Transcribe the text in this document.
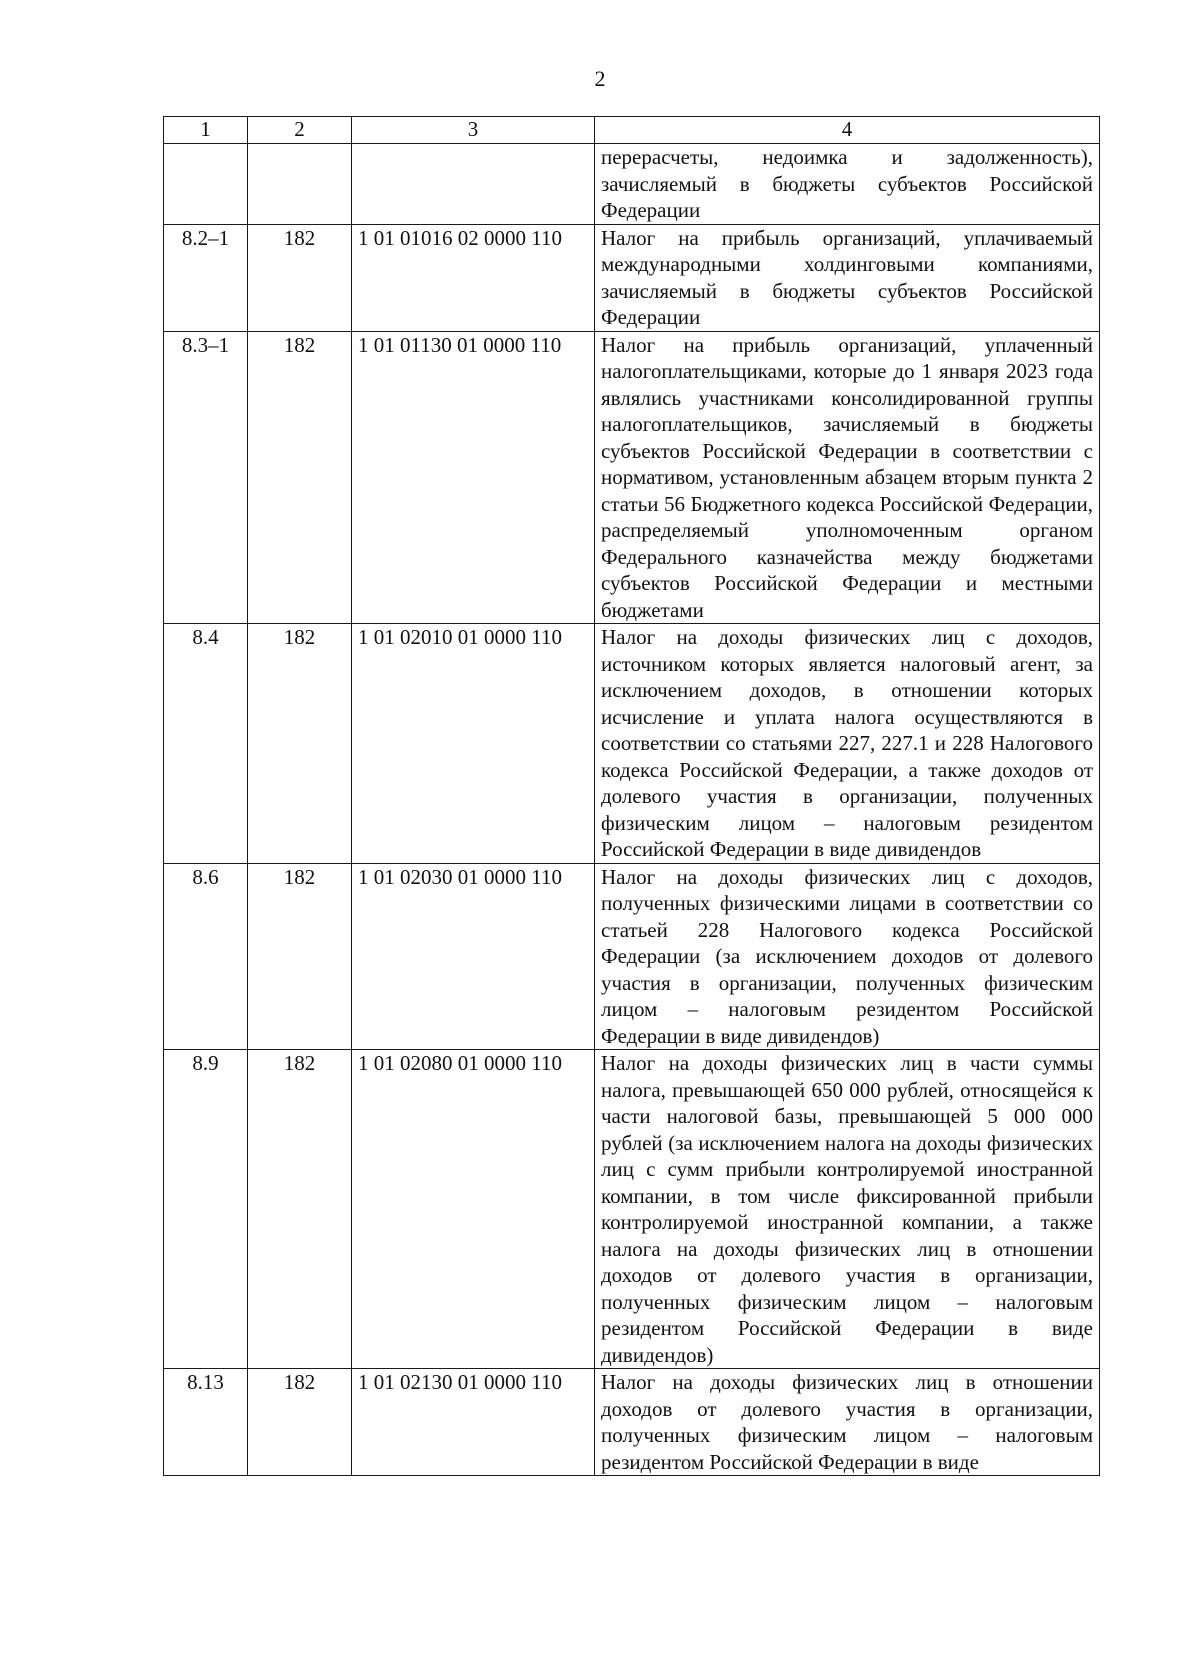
2
1	2	3	4
			перерасчеты, недоимка и задолженность), зачисляемый в бюджеты субъектов Российской Федерации
8.2–1	182	1 01 01016 02 0000 110	Налог на прибыль организаций, уплачиваемый международными холдинговыми компаниями, зачисляемый в бюджеты субъектов Российской Федерации
8.3–1	182	1 01 01130 01 0000 110	Налог на прибыль организаций, уплаченный налогоплательщиками, которые до 1 января 2023 года являлись участниками консолидированной группы налогоплательщиков, зачисляемый в бюджеты субъектов Российской Федерации в соответствии с нормативом, установленным абзацем вторым пункта 2 статьи 56 Бюджетного кодекса Российской Федерации, распределяемый уполномоченным органом Федерального казначейства между бюджетами субъектов Российской Федерации и местными бюджетами
8.4	182	1 01 02010 01 0000 110	Налог на доходы физических лиц с доходов, источником которых является налоговый агент, за исключением доходов, в отношении которых исчисление и уплата налога осуществляются в соответствии со статьями 227, 227.1 и 228 Налогового кодекса Российской Федерации, а также доходов от долевого участия в организации, полученных физическим лицом – налоговым резидентом Российской Федерации в виде дивидендов
8.6	182	1 01 02030 01 0000 110	Налог на доходы физических лиц с доходов, полученных физическими лицами в соответствии со статьей 228 Налогового кодекса Российской Федерации (за исключением доходов от долевого участия в организации, полученных физическим лицом – налоговым резидентом Российской Федерации в виде дивидендов)
8.9	182	1 01 02080 01 0000 110	Налог на доходы физических лиц в части суммы налога, превышающей 650 000 рублей, относящейся к части налоговой базы, превышающей 5 000 000 рублей (за исключением налога на доходы физических лиц с сумм прибыли контролируемой иностранной компании, в том числе фиксированной прибыли контролируемой иностранной компании, а также налога на доходы физических лиц в отношении доходов от долевого участия в организации, полученных физическим лицом – налоговым резидентом Российской Федерации в виде дивидендов)
8.13	182	1 01 02130 01 0000 110	Налог на доходы физических лиц в отношении доходов от долевого участия в организации, полученных физическим лицом – налоговым резидентом Российской Федерации в виде
